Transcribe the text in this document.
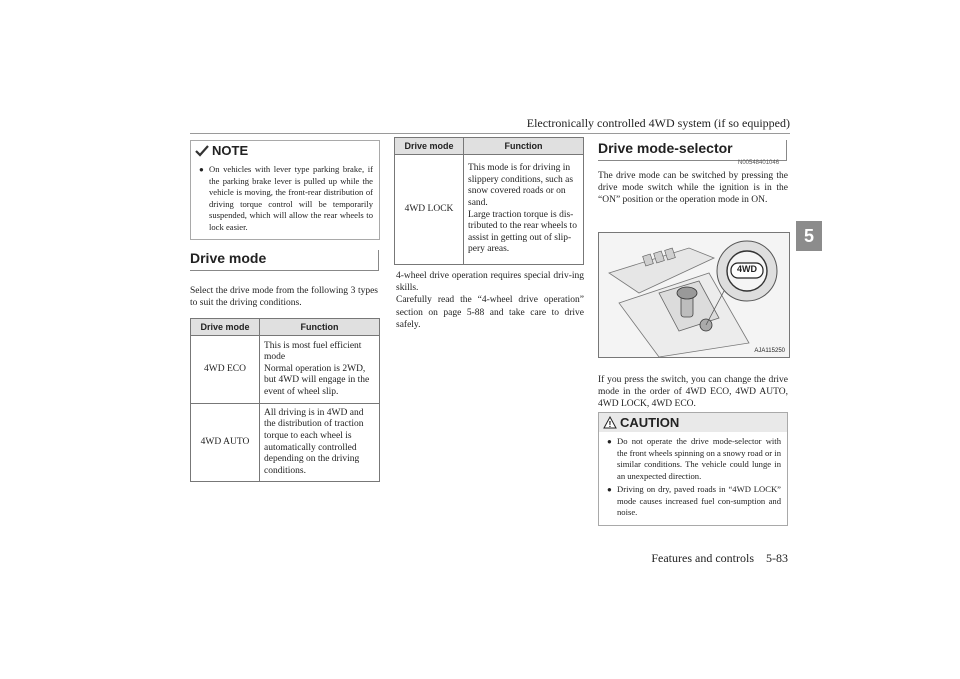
Electronically controlled 4WD system (if so equipped)
5
NOTE
● On vehicles with lever type parking brake, if the parking brake lever is pulled up while the vehicle is moving, the front-rear distribution of driving torque control will be temporarily suspended, which will allow the rear wheels to lock easier.
Drive mode
Select the drive mode from the following 3 types to suit the driving conditions.
Drive mode	Function
4WD ECO	This is most fuel efficient mode
Normal operation is 2WD, but 4WD will engage in the event of wheel slip.
4WD AUTO	All driving is in 4WD and the distribution of traction torque to each wheel is automatically controlled depending on the driving conditions.
Drive mode	Function
4WD LOCK	This mode is for driving in slippery conditions, such as snow covered roads or on sand.
Large traction torque is dis-tributed to the rear wheels to assist in getting out of slip-pery areas.
4-wheel drive operation requires special driv-ing skills.
Carefully read the “4-wheel drive operation” section on page 5-88 and take care to drive safely.
Drive mode-selector
N00548401046
The drive mode can be switched by pressing the drive mode switch while the ignition is in the “ON” position or the operation mode in ON.
4WD
AJA115250
If you press the switch, you can change the drive mode in the order of 4WD ECO, 4WD AUTO, 4WD LOCK, 4WD ECO.
! CAUTION
● Do not operate the drive mode-selector with the front wheels spinning on a snowy road or in similar conditions. The vehicle could lunge in an unexpected direction.
● Driving on dry, paved roads in “4WD LOCK” mode causes increased fuel con-sumption and noise.
Features and controls    5-83
